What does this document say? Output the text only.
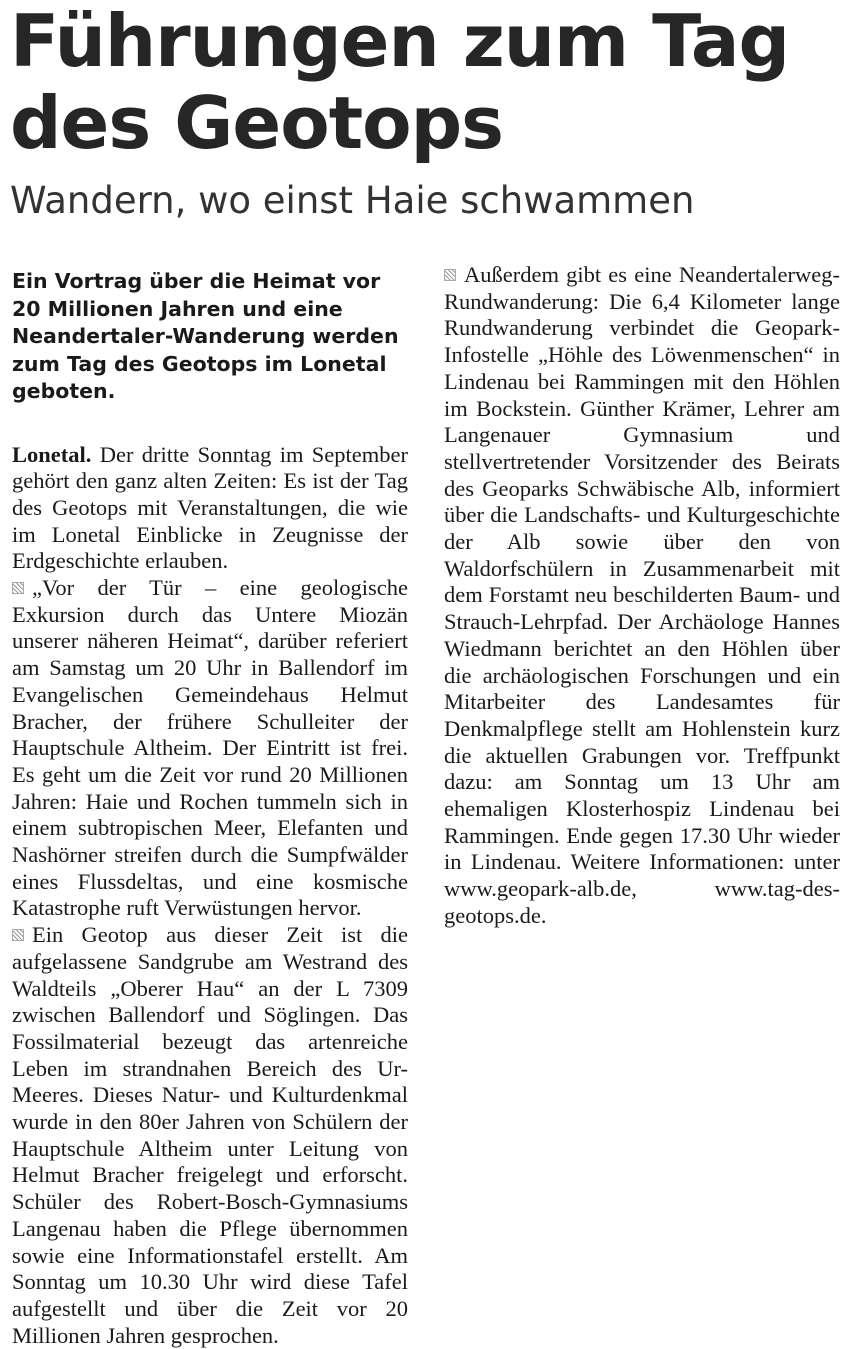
Führungen zum Tag des Geotops
Wandern, wo einst Haie schwammen

Ein Vortrag über die Heimat vor 20 Millionen Jahren und eine Neandertaler-Wanderung werden zum Tag des Geotops im Lonetal geboten.

Lonetal. Der dritte Sonntag im September gehört den ganz alten Zeiten: Es ist der Tag des Geotops mit Veranstaltungen, die wie im Lonetal Einblicke in Zeugnisse der Erdgeschichte erlauben.

„Vor der Tür – eine geologische Exkursion durch das Untere Miozän unserer näheren Heimat“, darüber referiert am Samstag um 20 Uhr in Ballendorf im Evangelischen Gemeindehaus Helmut Bracher, der frühere Schulleiter der Hauptschule Altheim. Der Eintritt ist frei. Es geht um die Zeit vor rund 20 Millionen Jahren: Haie und Rochen tummeln sich in einem subtropischen Meer, Elefanten und Nashörner streifen durch die Sumpfwälder eines Flussdeltas, und eine kosmische Katastrophe ruft Verwüstungen hervor.

Ein Geotop aus dieser Zeit ist die aufgelassene Sandgrube am Westrand des Waldteils „Oberer Hau“ an der L 7309 zwischen Ballendorf und Söglingen. Das Fossilmaterial bezeugt das artenreiche Leben im strandnahen Bereich des Ur-Meeres. Dieses Natur- und Kulturdenkmal wurde in den 80er Jahren von Schülern der Hauptschule Altheim unter Leitung von Helmut Bracher freigelegt und erforscht. Schüler des Robert-Bosch-Gymnasiums Langenau haben die Pflege übernommen sowie eine Informationstafel erstellt. Am Sonntag um 10.30 Uhr wird diese Tafel aufgestellt und über die Zeit vor 20 Millionen Jahren gesprochen.

Außerdem gibt es eine Neandertalerweg-Rundwanderung: Die 6,4 Kilometer lange Rundwanderung verbindet die Geopark-Infostelle „Höhle des Löwenmenschen“ in Lindenau bei Rammingen mit den Höhlen im Bockstein. Günther Krämer, Lehrer am Langenauer Gymnasium und stellvertretender Vorsitzender des Beirats des Geoparks Schwäbische Alb, informiert über die Landschafts- und Kulturgeschichte der Alb sowie über den von Waldorfschülern in Zusammenarbeit mit dem Forstamt neu beschilderten Baum- und Strauch-Lehrpfad. Der Archäologe Hannes Wiedmann berichtet an den Höhlen über die archäologischen Forschungen und ein Mitarbeiter des Landesamtes für Denkmalpflege stellt am Hohlenstein kurz die aktuellen Grabungen vor. Treffpunkt dazu: am Sonntag um 13 Uhr am ehemaligen Klosterhospiz Lindenau bei Rammingen. Ende gegen 17.30 Uhr wieder in Lindenau. Weitere Informationen: unter www.geopark-alb.de, www.tag-des-geotops.de.
